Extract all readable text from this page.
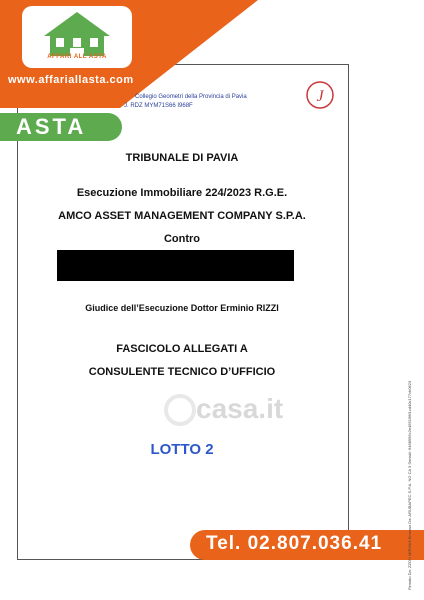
AFFARI ALL'ASTA
www.affariallasta.com
Collegio Geometri della Provincia di Pavia
J. RDZ MYM71S66 I968F
ASTA
J
TRIBUNALE DI PAVIA
Esecuzione Immobiliare 224/2023 R.G.E.
AMCO ASSET MANAGEMENT COMPANY S.P.A.
Contro
Giudice dell’Esecuzione Dottor Erminio RIZZI
FASCICOLO ALLEGATI A
CONSULENTE TECNICO D’UFFICIO
casa.it
LOTTO 2
Tel. 02.807.036.41	Firmato Da: ZZON MIRYAM Emesso Da: ARUBAPEC S.P.A. NG CA 3 Serial#: 6468956c2e465196f1cd40c177cb0623
